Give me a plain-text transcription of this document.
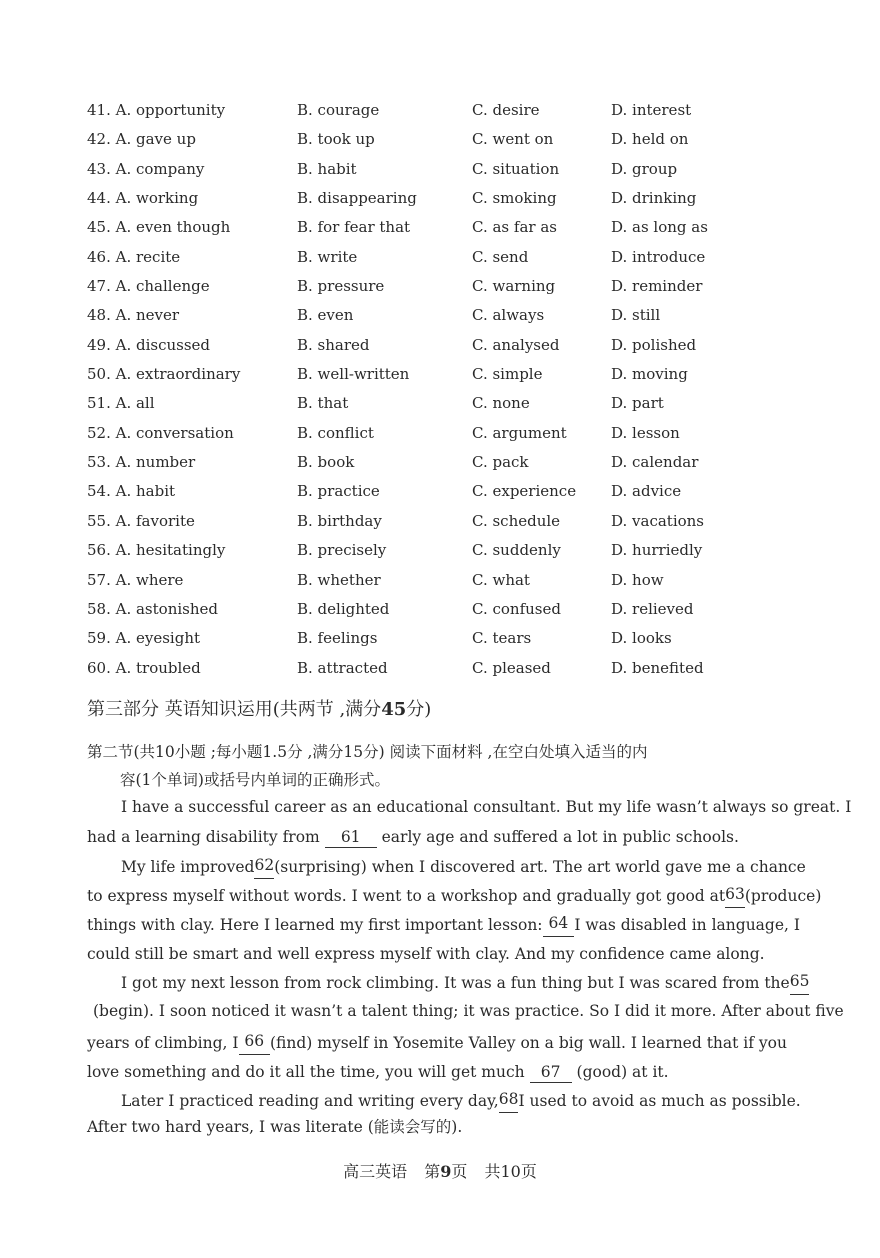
41. A. opportunity	B. courage	C. desire	D. interest
42. A. gave up	B. took up	C. went on	D. held on
43. A. company	B. habit	C. situation	D. group
44. A. working	B. disappearing	C. smoking	D. drinking
45. A. even though	B. for fear that	C. as far as	D. as long as
46. A. recite	B. write	C. send	D. introduce
47. A. challenge	B. pressure	C. warning	D. reminder
48. A. never	B. even	C. always	D. still
49. A. discussed	B. shared	C. analysed	D. polished
50. A. extraordinary	B. well-written	C. simple	D. moving
51. A. all	B. that	C. none	D. part
52. A. conversation	B. conflict	C. argument	D. lesson
53. A. number	B. book	C. pack	D. calendar
54. A. habit	B. practice	C. experience D. advice
55. A. favorite	B. birthday	C. schedule	D. vacations
56. A. hesitatingly	B. precisely	C. suddenly	D. hurriedly
57. A. where	B. whether	C. what	D. how
58. A. astonished	B. delighted	C. confused	D. relieved
59. A. eyesight	B. feelings	C. tears	D. looks
60. A. troubled	B. attracted	C. pleased	D. benefited
第三部分 英语知识运用(共两节 ,满分45分)
第二节(共10小题 ;每小题1.5分 ,满分15分) 阅读下面材料 ,在空白处填入适当的内
容(1个单词)或括号内单词的正确形式。
I have a successful career as an educational consultant. But my life wasn’t always so great. I
had a learning disability from 61 early age and suffered a lot in public schools.
My life improved 62 (surprising) when I discovered art. The art world gave me a chance
to express myself without words. I went to a workshop and gradually got good at 63 (produce)
things with clay. Here I learned my first important lesson: 64 I was disabled in language, I
could still be smart and well express myself with clay. And my confidence came along.
I got my next lesson from rock climbing. It was a fun thing but I was scared from the 65
(begin). I soon noticed it wasn’t a talent thing; it was practice. So I did it more. After about five
years of climbing, I 66 (find) myself in Yosemite Valley on a big wall. I learned that if you
love something and do it all the time, you will get much 67 (good) at it.
Later I practiced reading and writing every day, 68 I used to avoid as much as possible.
After two hard years, I was literate (能读会写的).
高三英语 第9页 共10页
